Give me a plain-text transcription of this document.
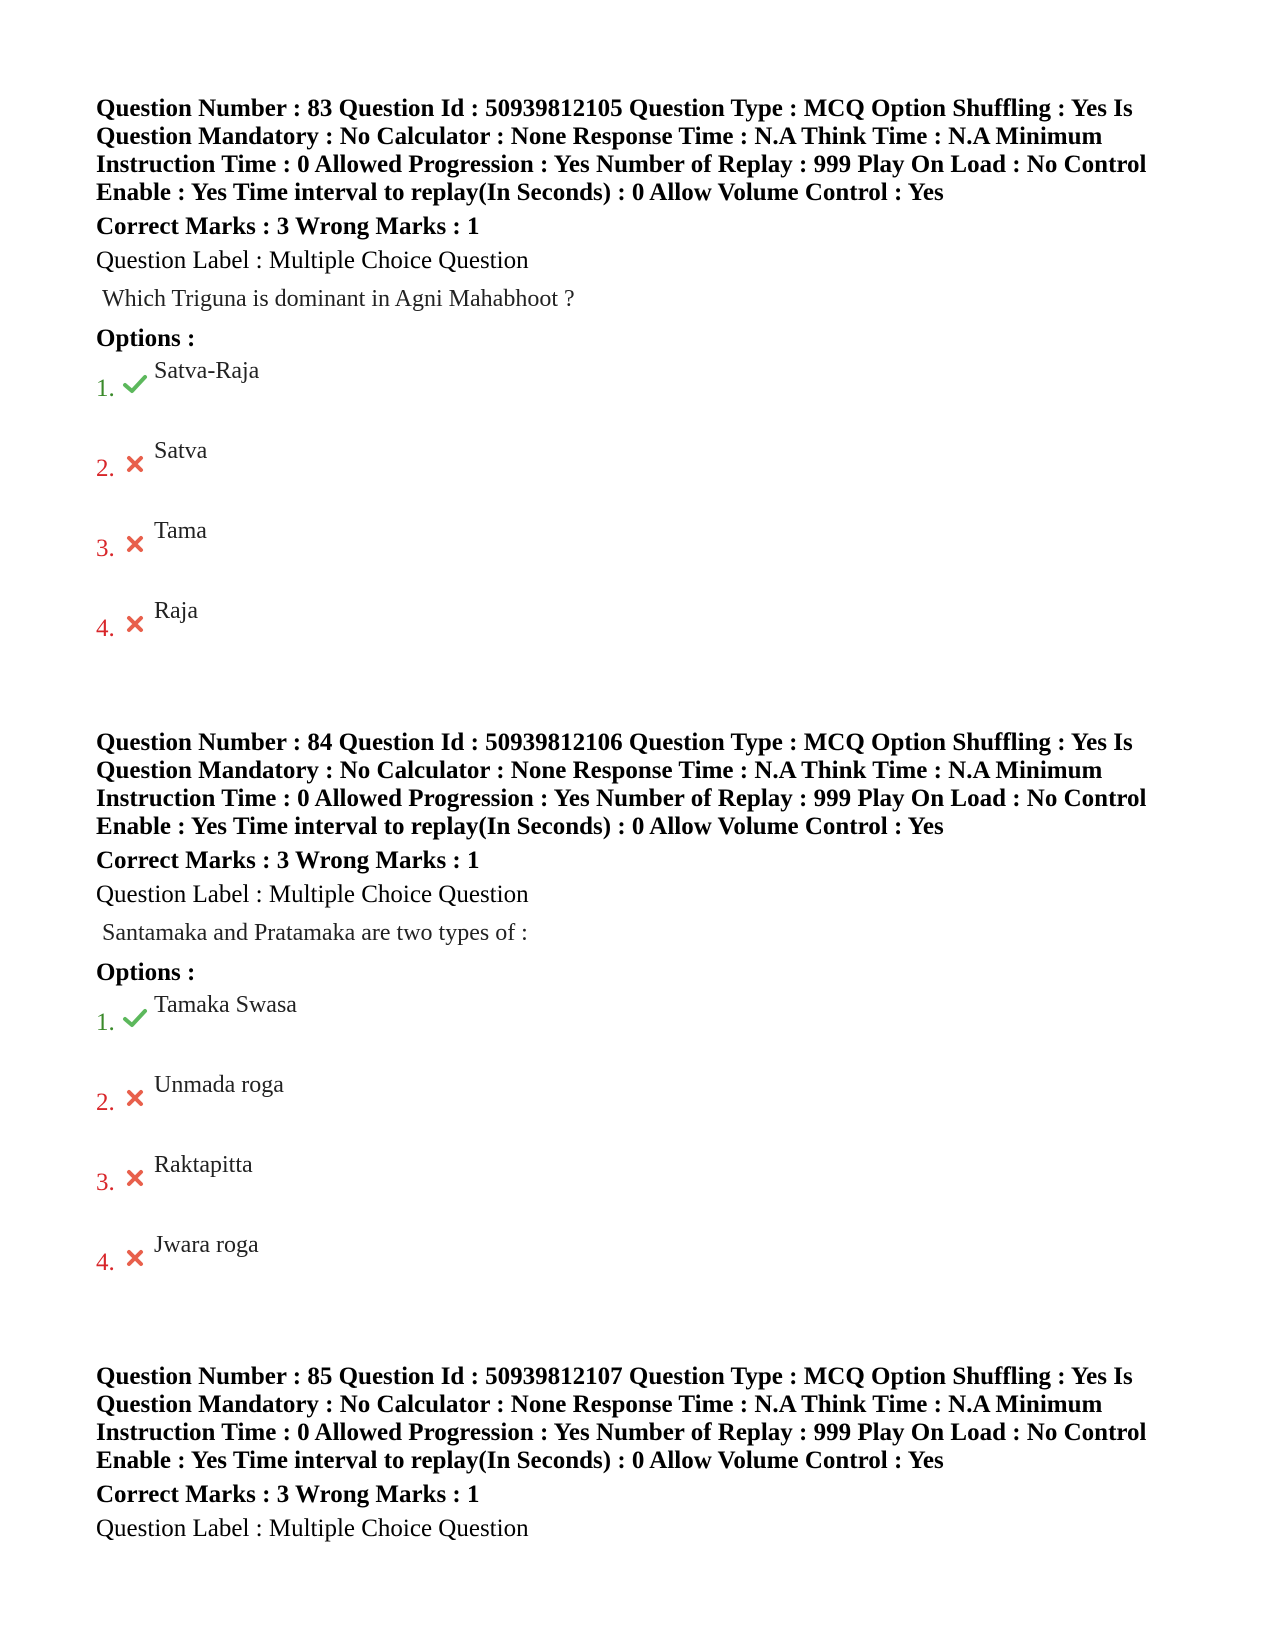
Question Number : 83 Question Id : 50939812105 Question Type : MCQ Option Shuffling : Yes Is
Question Mandatory : No Calculator : None Response Time : N.A Think Time : N.A Minimum
Instruction Time : 0 Allowed Progression : Yes Number of Replay : 999 Play On Load : No Control
Enable : Yes Time interval to replay(In Seconds) : 0 Allow Volume Control : Yes
Correct Marks : 3 Wrong Marks : 1
Question Label : Multiple Choice Question
Which Triguna is dominant in Agni Mahabhoot ?
Options :
1.
Satva-Raja
2.
Satva
3.
Tama
4.
Raja
Question Number : 84 Question Id : 50939812106 Question Type : MCQ Option Shuffling : Yes Is
Question Mandatory : No Calculator : None Response Time : N.A Think Time : N.A Minimum
Instruction Time : 0 Allowed Progression : Yes Number of Replay : 999 Play On Load : No Control
Enable : Yes Time interval to replay(In Seconds) : 0 Allow Volume Control : Yes
Correct Marks : 3 Wrong Marks : 1
Question Label : Multiple Choice Question
Santamaka and Pratamaka are two types of :
Options :
1.
Tamaka Swasa
2.
Unmada roga
3.
Raktapitta
4.
Jwara roga
Question Number : 85 Question Id : 50939812107 Question Type : MCQ Option Shuffling : Yes Is
Question Mandatory : No Calculator : None Response Time : N.A Think Time : N.A Minimum
Instruction Time : 0 Allowed Progression : Yes Number of Replay : 999 Play On Load : No Control
Enable : Yes Time interval to replay(In Seconds) : 0 Allow Volume Control : Yes
Correct Marks : 3 Wrong Marks : 1
Question Label : Multiple Choice Question
